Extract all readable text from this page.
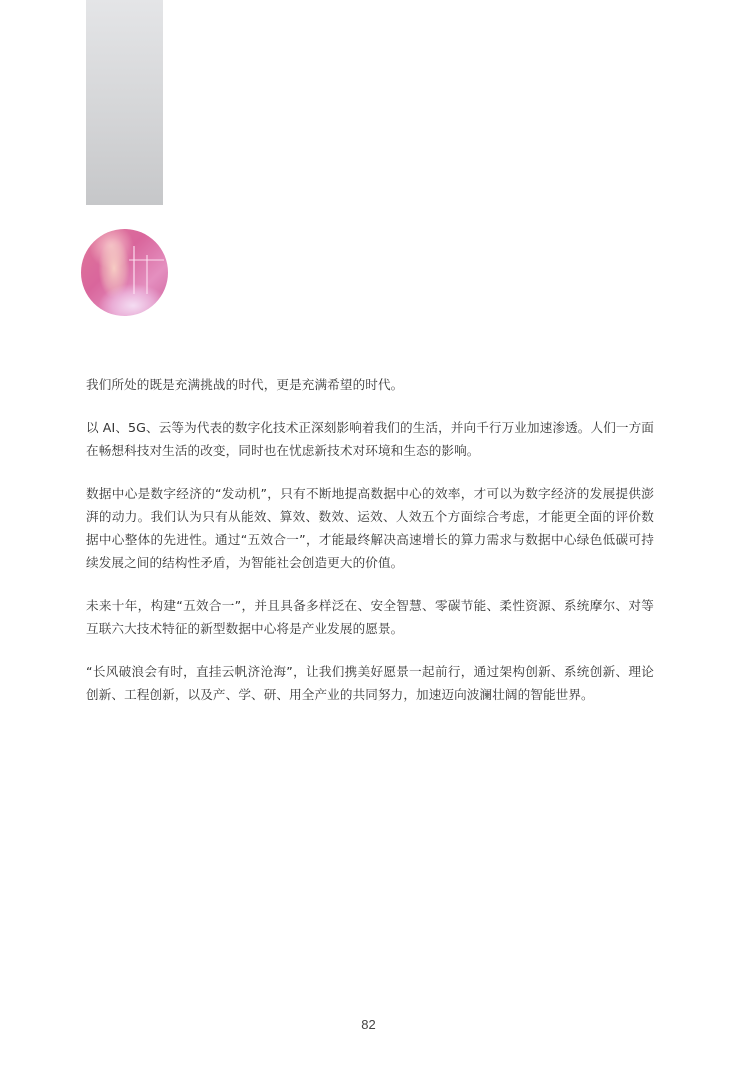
我们所处的既是充满挑战的时代，更是充满希望的时代。

以 AI、5G、云等为代表的数字化技术正深刻影响着我们的生活，并向千行万业加速渗透。人们一方面在畅想科技对生活的改变，同时也在忧虑新技术对环境和生态的影响。

数据中心是数字经济的“发动机”，只有不断地提高数据中心的效率，才可以为数字经济的发展提供澎湃的动力。我们认为只有从能效、算效、数效、运效、人效五个方面综合考虑，才能更全面的评价数据中心整体的先进性。通过“五效合一”，才能最终解决高速增长的算力需求与数据中心绿色低碳可持续发展之间的结构性矛盾，为智能社会创造更大的价值。

未来十年，构建“五效合一”，并且具备多样泛在、安全智慧、零碳节能、柔性资源、系统摩尔、对等互联六大技术特征的新型数据中心将是产业发展的愿景。

“长风破浪会有时，直挂云帆济沧海”，让我们携美好愿景一起前行，通过架构创新、系统创新、理论创新、工程创新，以及产、学、研、用全产业的共同努力，加速迈向波澜壮阔的智能世界。

82
